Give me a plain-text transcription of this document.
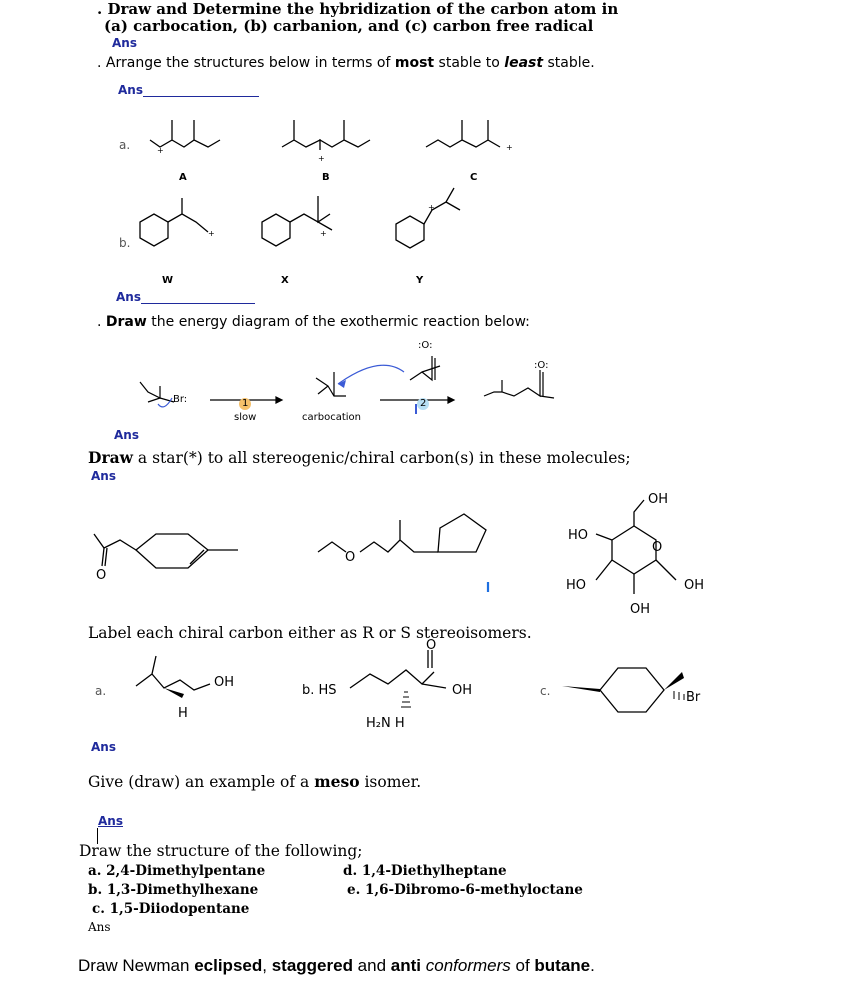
. Draw and Determine the hybridization of the carbon atom in
(a) carbocation, (b) carbanion, and (c) carbon free radical
Ans
. Arrange the structures below in terms of most stable to least stable.
Ans
a.	+
+
+
A	B	C
b.
+	+
+
W	X	Y
Ans
. Draw the energy diagram of the exothermic reaction below:
Br:	1
slow	carbocation
2
:O:
:O:
Ans
Draw a star(*) to all stereogenic/chiral carbon(s) in these molecules;
Ans
O
O
OH
HO
O
HO	OH
OH
Label each chiral carbon either as R or S stereoisomers.
a.
OH
H
b. HS
O
OH
H₂N H
c.	Br
Ans
Give (draw) an example of a meso isomer.
Ans
Draw the structure of the following;
a. 2,4-Dimethylpentane
b. 1,3-Dimethylhexane
c. 1,5-Diiodopentane
d. 1,4-Diethylheptane
e. 1,6-Dibromo-6-methyloctane
Ans
Draw Newman eclipsed, staggered and anti conformers of butane.
